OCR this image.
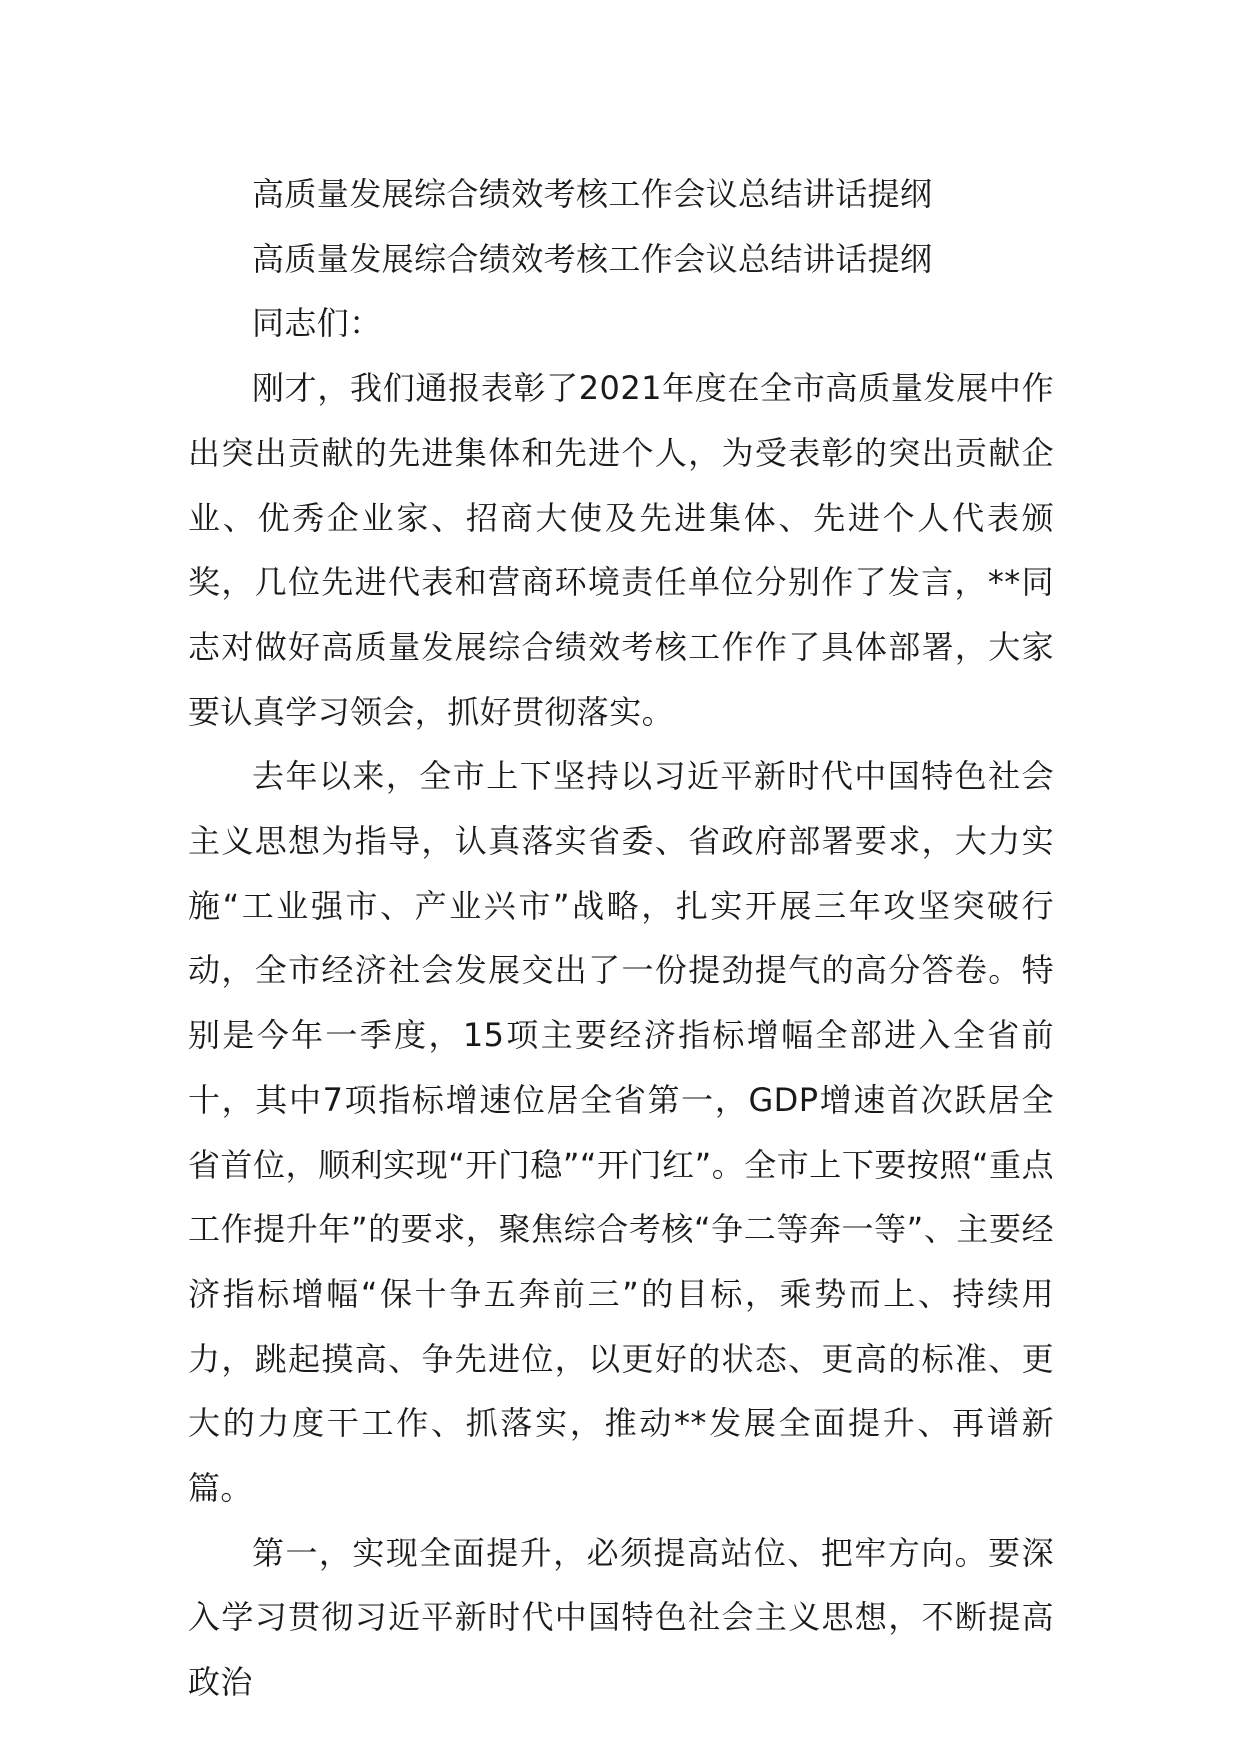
高质量发展综合绩效考核工作会议总结讲话提纲

高质量发展综合绩效考核工作会议总结讲话提纲

同志们：

刚才，我们通报表彰了2021年度在全市高质量发展中作出突出贡献的先进集体和先进个人，为受表彰的突出贡献企业、优秀企业家、招商大使及先进集体、先进个人代表颁奖，几位先进代表和营商环境责任单位分别作了发言，**同志对做好高质量发展综合绩效考核工作作了具体部署，大家要认真学习领会，抓好贯彻落实。

去年以来，全市上下坚持以习近平新时代中国特色社会主义思想为指导，认真落实省委、省政府部署要求，大力实施“工业强市、产业兴市”战略，扎实开展三年攻坚突破行动，全市经济社会发展交出了一份提劲提气的高分答卷。特别是今年一季度，15项主要经济指标增幅全部进入全省前十，其中7项指标增速位居全省第一，GDP增速首次跃居全省首位，顺利实现“开门稳”“开门红”。全市上下要按照“重点工作提升年”的要求，聚焦综合考核“争二等奔一等”、主要经济指标增幅“保十争五奔前三”的目标，乘势而上、持续用力，跳起摸高、争先进位，以更好的状态、更高的标准、更大的力度干工作、抓落实，推动**发展全面提升、再谱新篇。

第一，实现全面提升，必须提高站位、把牢方向。要深入学习贯彻习近平新时代中国特色社会主义思想，不断提高政治
